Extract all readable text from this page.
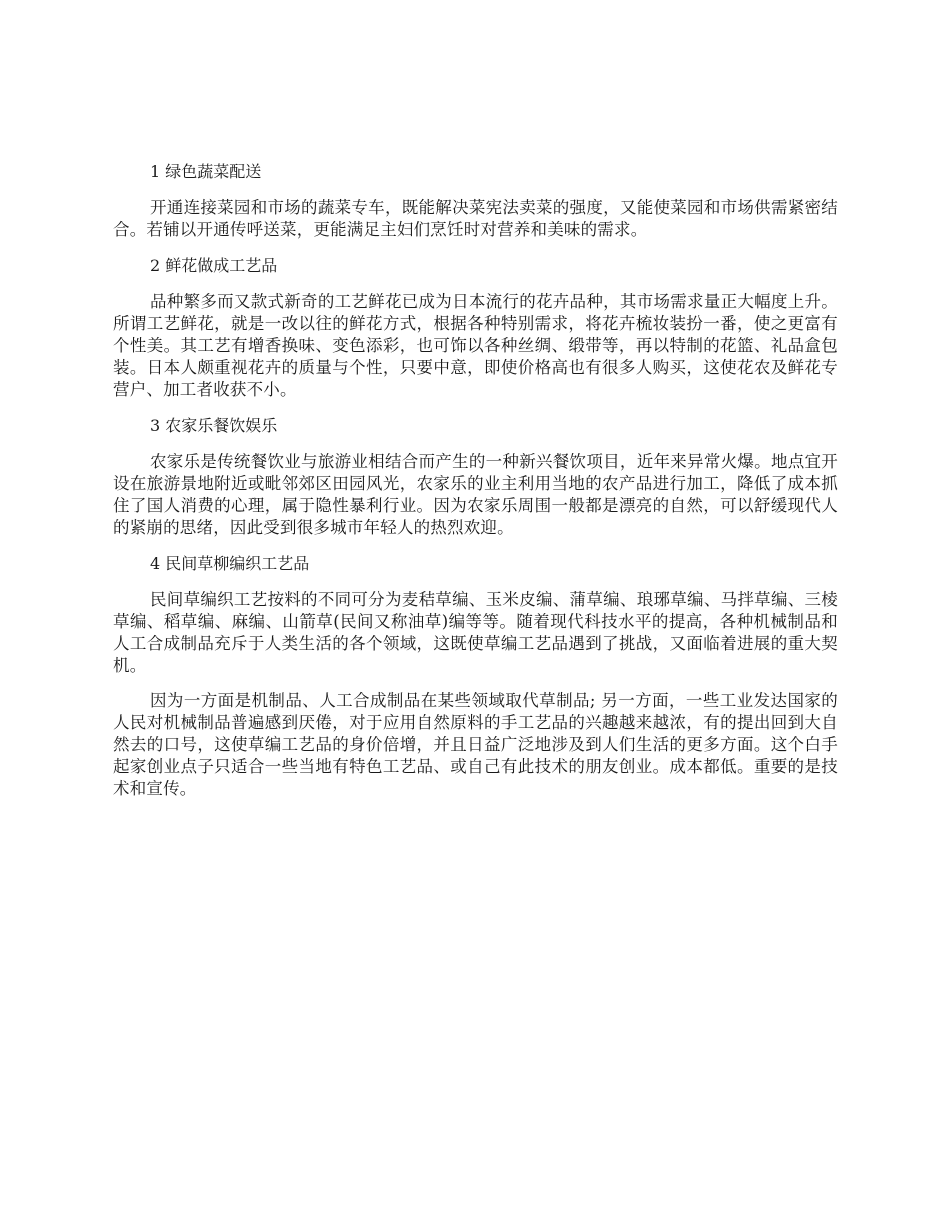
1 绿色蔬菜配送

开通连接菜园和市场的蔬菜专车，既能解决菜宪法卖菜的强度，又能使菜园和市场供需紧密结合。若铺以开通传呼送菜，更能满足主妇们烹饪时对营养和美味的需求。

2 鲜花做成工艺品

品种繁多而又款式新奇的工艺鲜花已成为日本流行的花卉品种，其市场需求量正大幅度上升。所谓工艺鲜花，就是一改以往的鲜花方式，根据各种特别需求，将花卉梳妆装扮一番，使之更富有个性美。其工艺有增香换味、变色添彩，也可饰以各种丝绸、缎带等，再以特制的花篮、礼品盒包装。日本人颇重视花卉的质量与个性，只要中意，即使价格高也有很多人购买，这使花农及鲜花专营户、加工者收获不小。

3 农家乐餐饮娱乐

农家乐是传统餐饮业与旅游业相结合而产生的一种新兴餐饮项目，近年来异常火爆。地点宜开设在旅游景地附近或毗邻郊区田园风光，农家乐的业主利用当地的农产品进行加工，降低了成本抓住了国人消费的心理，属于隐性暴利行业。因为农家乐周围一般都是漂亮的自然，可以舒缓现代人的紧崩的思绪，因此受到很多城市年轻人的热烈欢迎。

4 民间草柳编织工艺品

民间草编织工艺按料的不同可分为麦秸草编、玉米皮编、蒲草编、琅琊草编、马拌草编、三棱草编、稻草编、麻编、山箭草(民间又称油草)编等等。随着现代科技水平的提高，各种机械制品和人工合成制品充斥于人类生活的各个领域，这既使草编工艺品遇到了挑战，又面临着进展的重大契机。

因为一方面是机制品、人工合成制品在某些领域取代草制品; 另一方面，一些工业发达国家的人民对机械制品普遍感到厌倦，对于应用自然原料的手工艺品的兴趣越来越浓，有的提出回到大自然去的口号，这使草编工艺品的身价倍增，并且日益广泛地涉及到人们生活的更多方面。这个白手起家创业点子只适合一些当地有特色工艺品、或自己有此技术的朋友创业。成本都低。重要的是技术和宣传。
